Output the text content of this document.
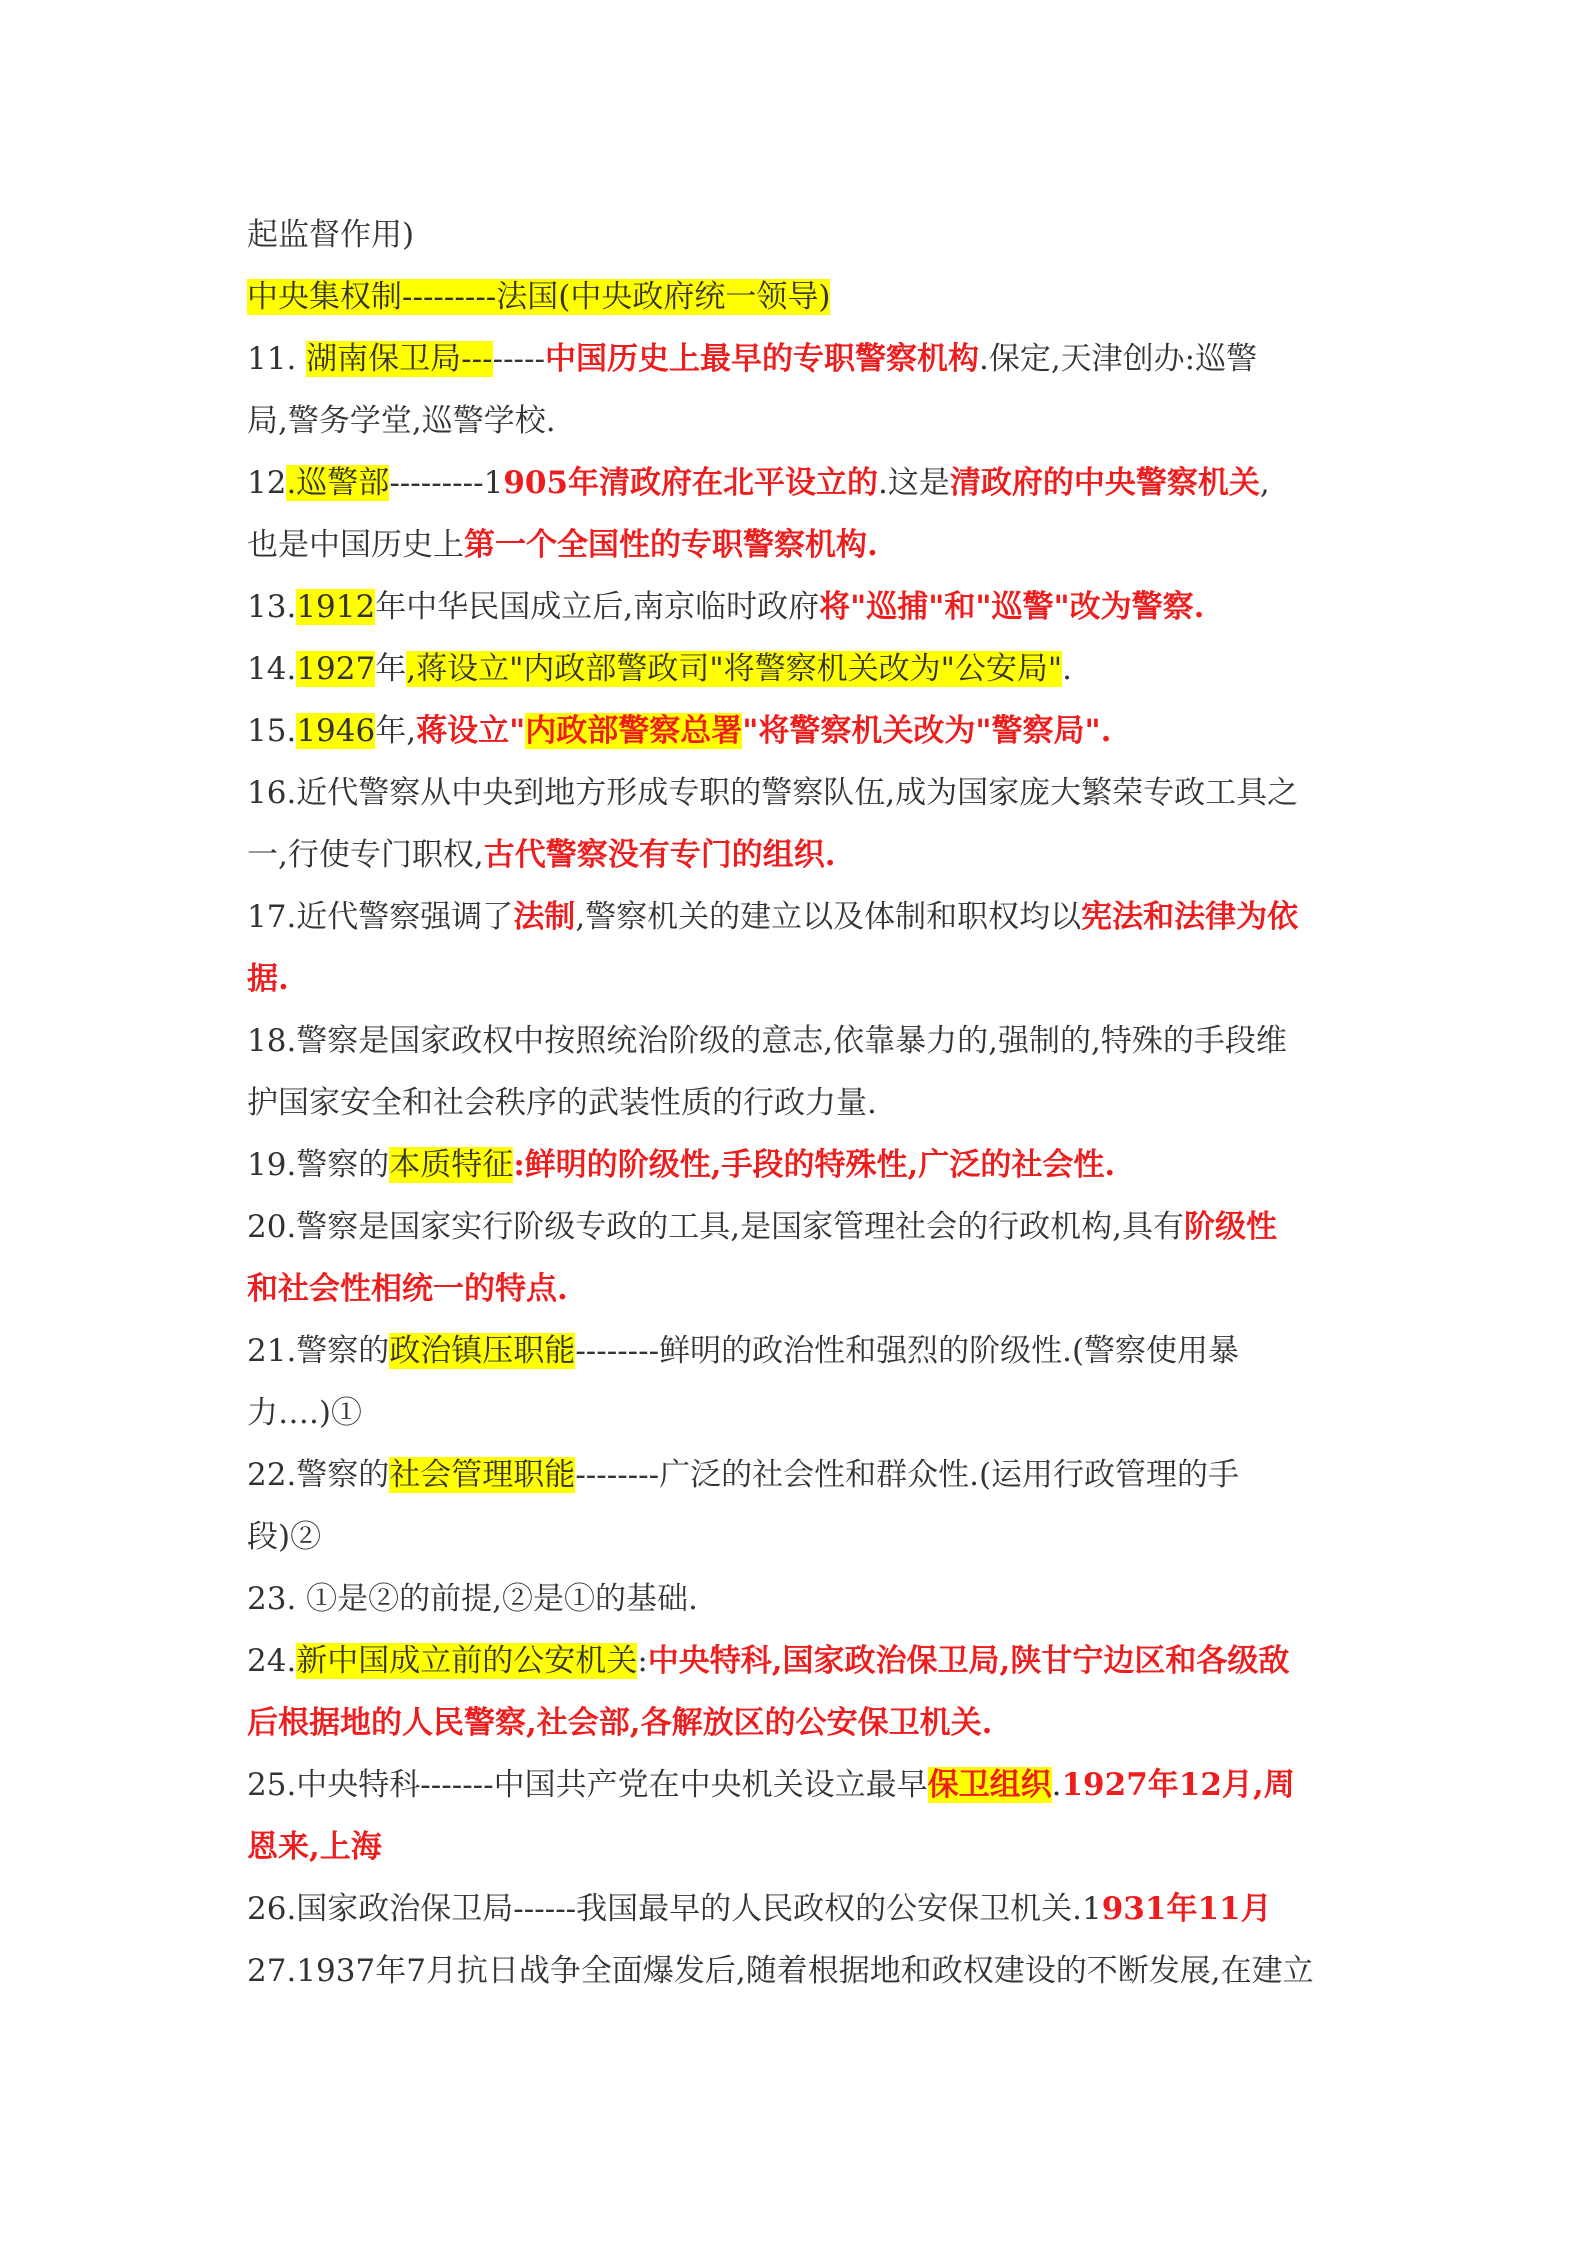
起监督作用)
中央集权制---------法国(中央政府统一领导)
11. 湖南保卫局--------中国历史上最早的专职警察机构.保定,天津创办:巡警
局,警务学堂,巡警学校.
12.巡警部---------1905年清政府在北平设立的.这是清政府的中央警察机关,
也是中国历史上第一个全国性的专职警察机构.
13.1912年中华民国成立后,南京临时政府将"巡捕"和"巡警"改为警察.
14.1927年,蒋设立"内政部警政司"将警察机关改为"公安局".
15.1946年,蒋设立"内政部警察总署"将警察机关改为"警察局".
16.近代警察从中央到地方形成专职的警察队伍,成为国家庞大繁荣专政工具之
一,行使专门职权,古代警察没有专门的组织.
17.近代警察强调了法制,警察机关的建立以及体制和职权均以宪法和法律为依
据.
18.警察是国家政权中按照统治阶级的意志,依靠暴力的,强制的,特殊的手段维
护国家安全和社会秩序的武装性质的行政力量.
19.警察的本质特征:鲜明的阶级性,手段的特殊性,广泛的社会性.
20.警察是国家实行阶级专政的工具,是国家管理社会的行政机构,具有阶级性
和社会性相统一的特点.
21.警察的政治镇压职能--------鲜明的政治性和强烈的阶级性.(警察使用暴
力….)①
22.警察的社会管理职能--------广泛的社会性和群众性.(运用行政管理的手
段)②
23. ①是②的前提,②是①的基础.
24.新中国成立前的公安机关:中央特科,国家政治保卫局,陕甘宁边区和各级敌
后根据地的人民警察,社会部,各解放区的公安保卫机关.
25.中央特科-------中国共产党在中央机关设立最早保卫组织.1927年12月,周
恩来,上海
26.国家政治保卫局------我国最早的人民政权的公安保卫机关.1931年11月
27.1937年7月抗日战争全面爆发后,随着根据地和政权建设的不断发展,在建立
